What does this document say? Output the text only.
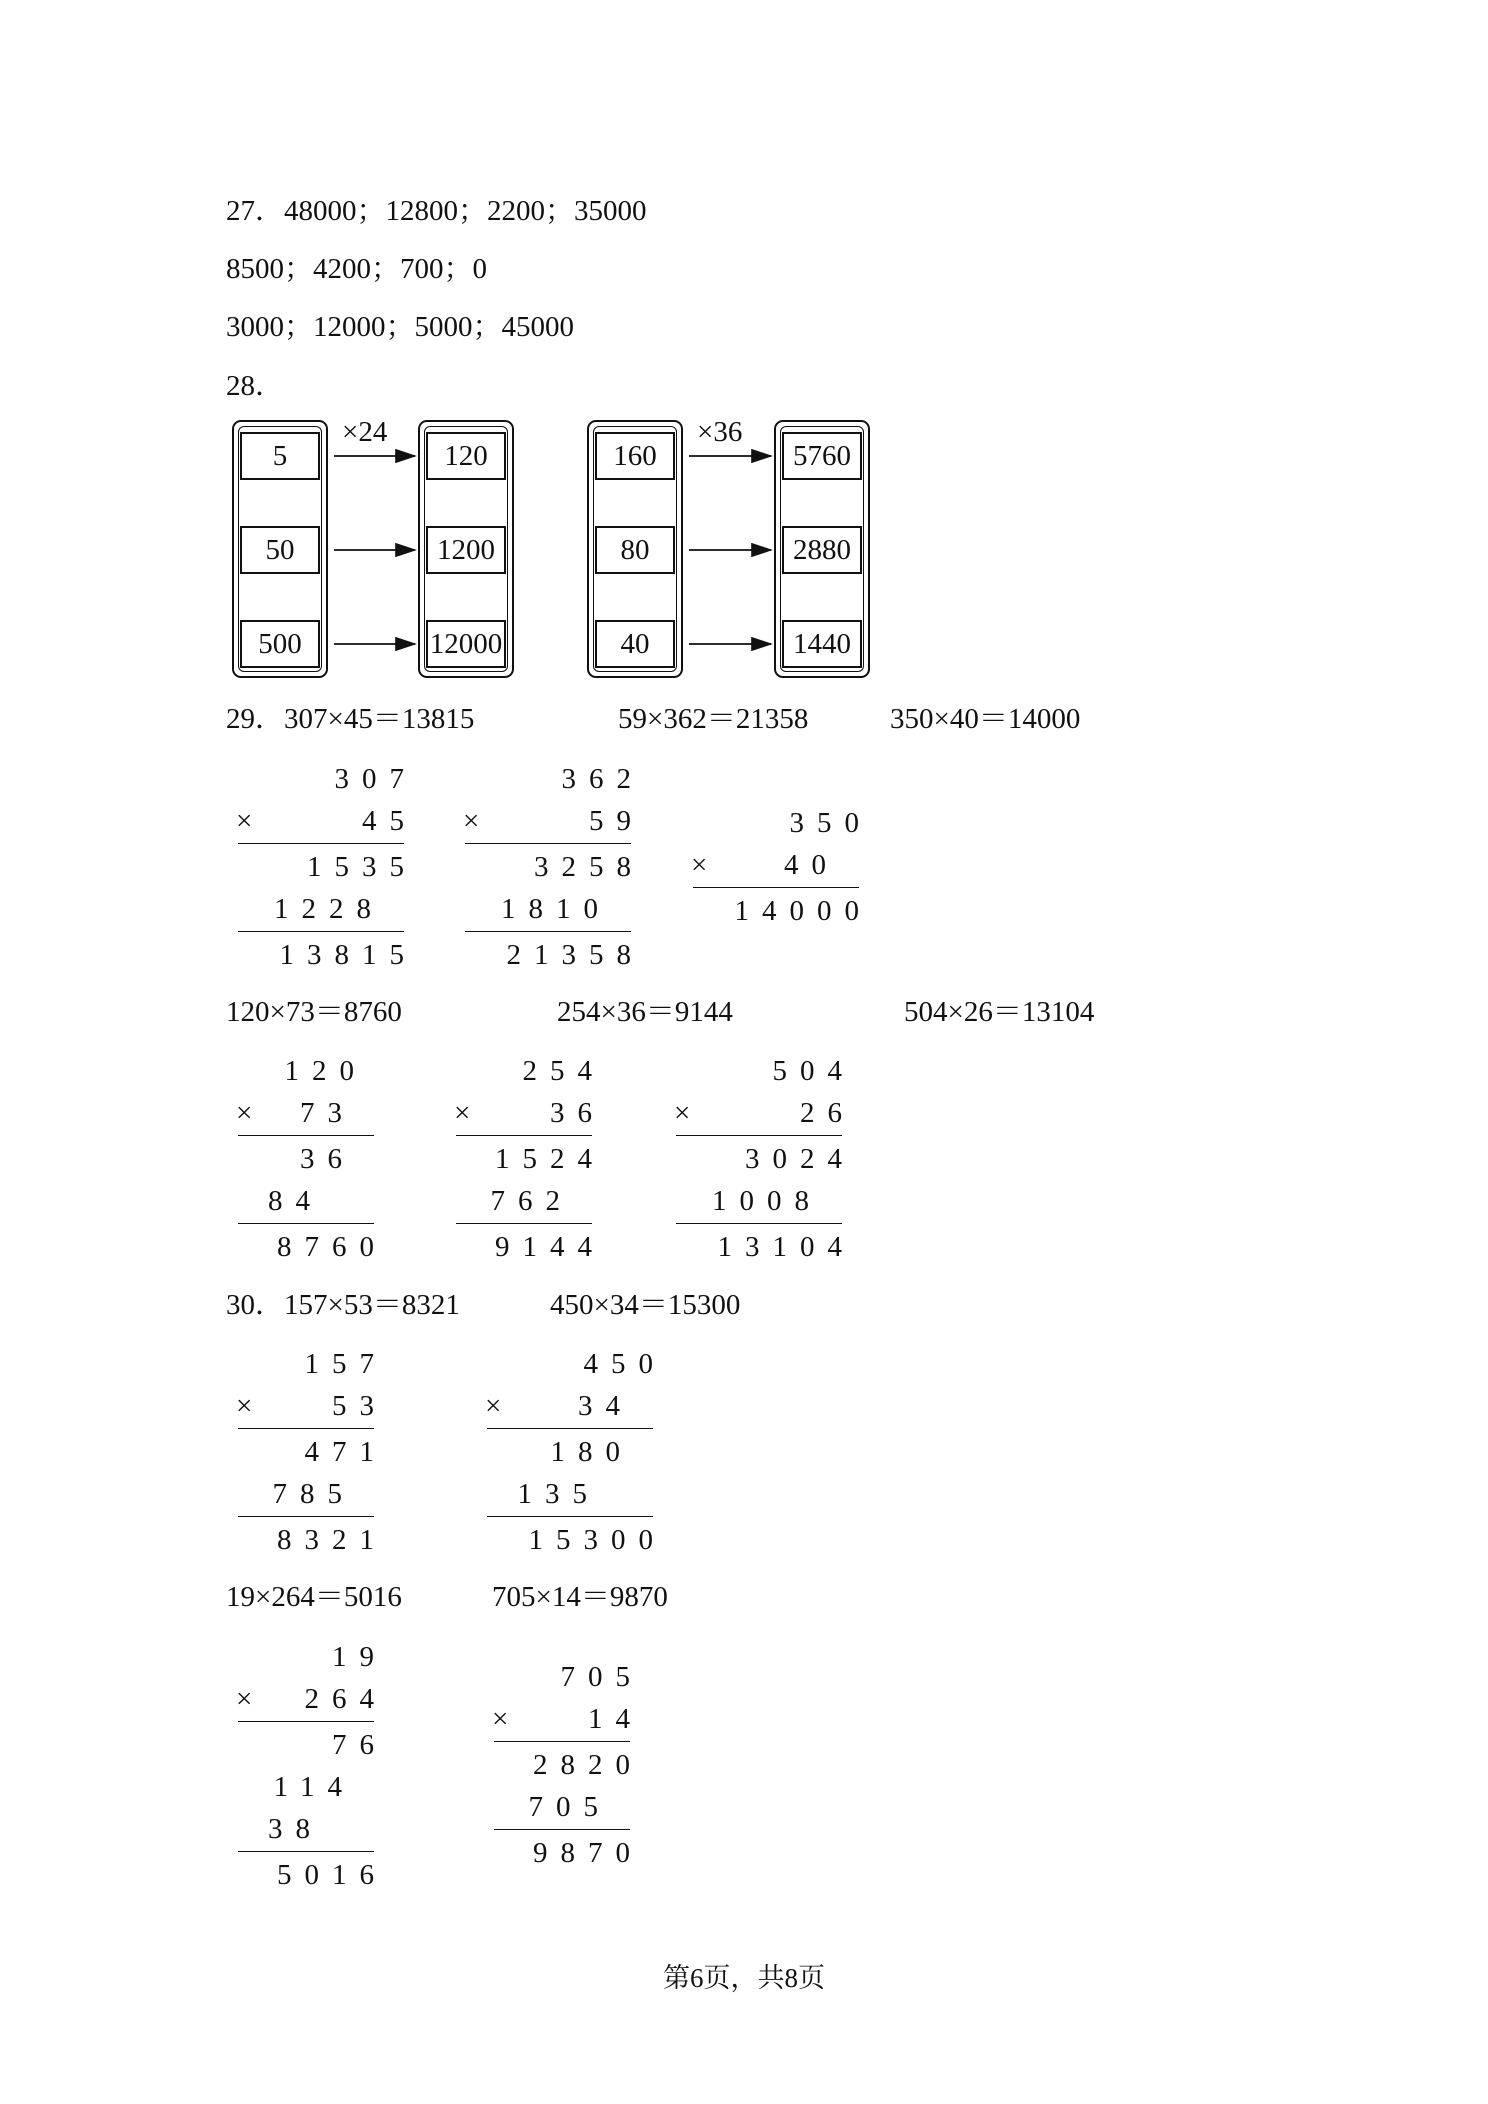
27．48000；12800；2200；35000
8500；4200；700；0
3000；12000；5000；45000
28．
5
50
500
120
1200
12000
×24
160
80
40
5760
2880
1440
×36
29．307×45＝13815	59×362＝21358	350×40＝14000
307
×	45
1535
1228
13815
362
×	59
3258
1810
21358
350
×	40
14000
120×73＝8760	254×36＝9144	504×26＝13104
120
× 73
36
84
8760
254
×	36
1524
762
9144
504
×	26
3024
1008
13104
30．157×53＝8321	450×34＝15300
157
×	53
471
785
8321
450
×	34
180
135
15300
19×264＝5016	705×14＝9870
19
× 264
76
114
38
5016
705
×	14
2820
705
9870
第6页，共8页
